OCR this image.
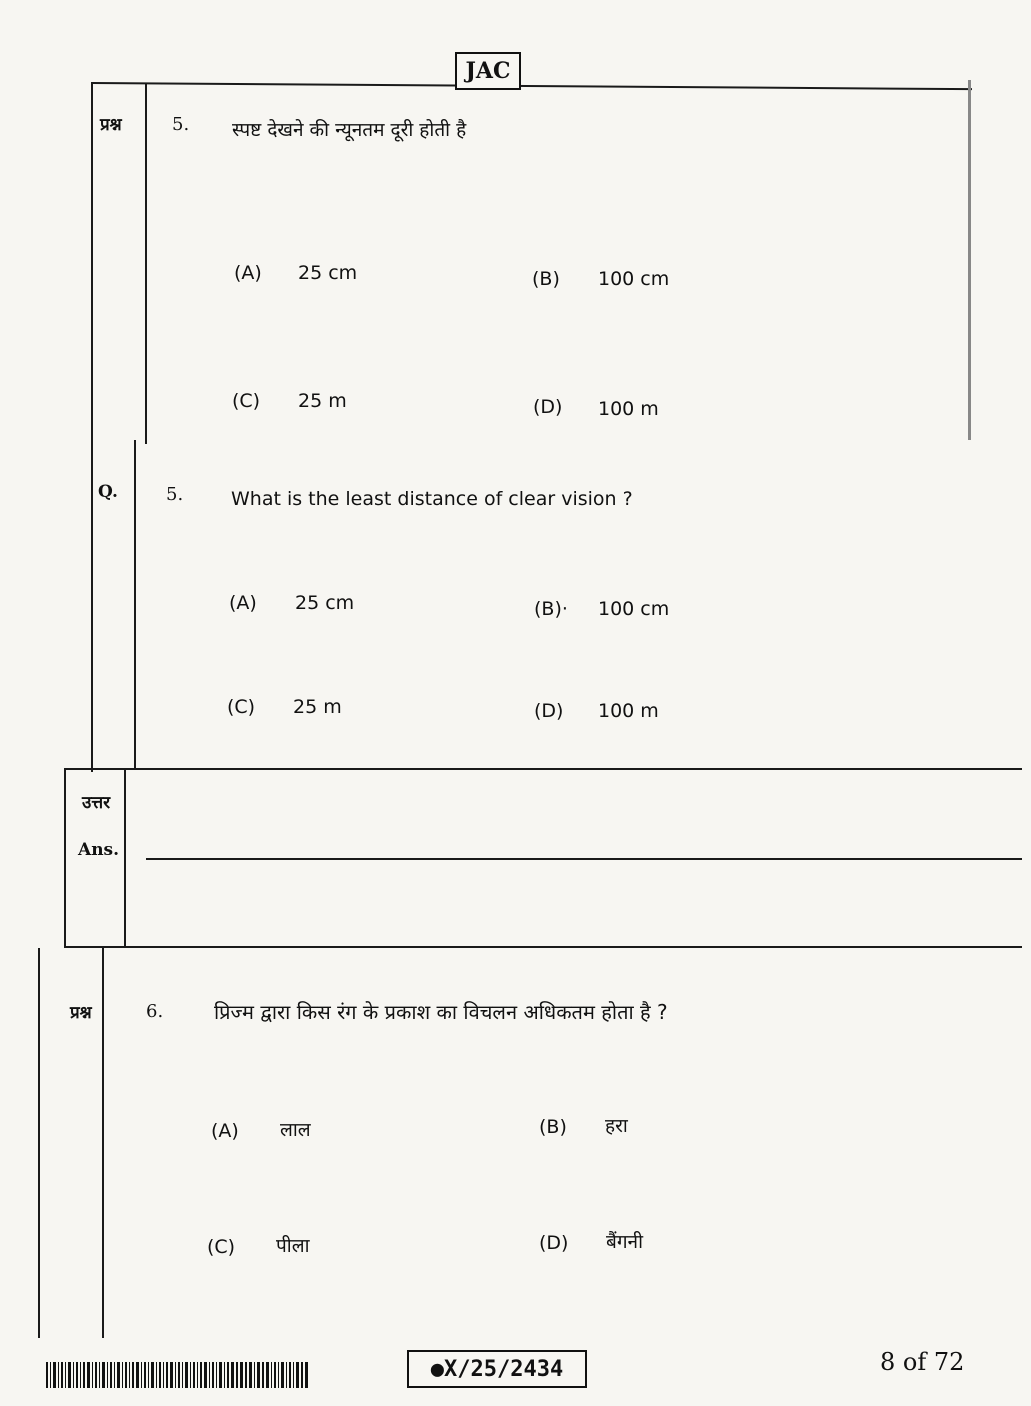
JAC
प्रश्न	5. स्पष्ट देखने की न्यूनतम दूरी होती है
(A) 25 cm	(B) 100 cm
(C) 25 m	(D) 100 m
Q.	5.	What is the least distance of clear vision ?
(A) 25 cm	(B)· 100 cm
(C) 25 m	(D) 100 m
उत्तर
Ans.
प्रश्न	6.	प्रिज्म द्वारा किस रंग के प्रकाश का विचलन अधिकतम होता है ?
(A) लाल	(B) हरा
(C) पीला	(D) बैंगनी
●X/25/2434	8 of 72
